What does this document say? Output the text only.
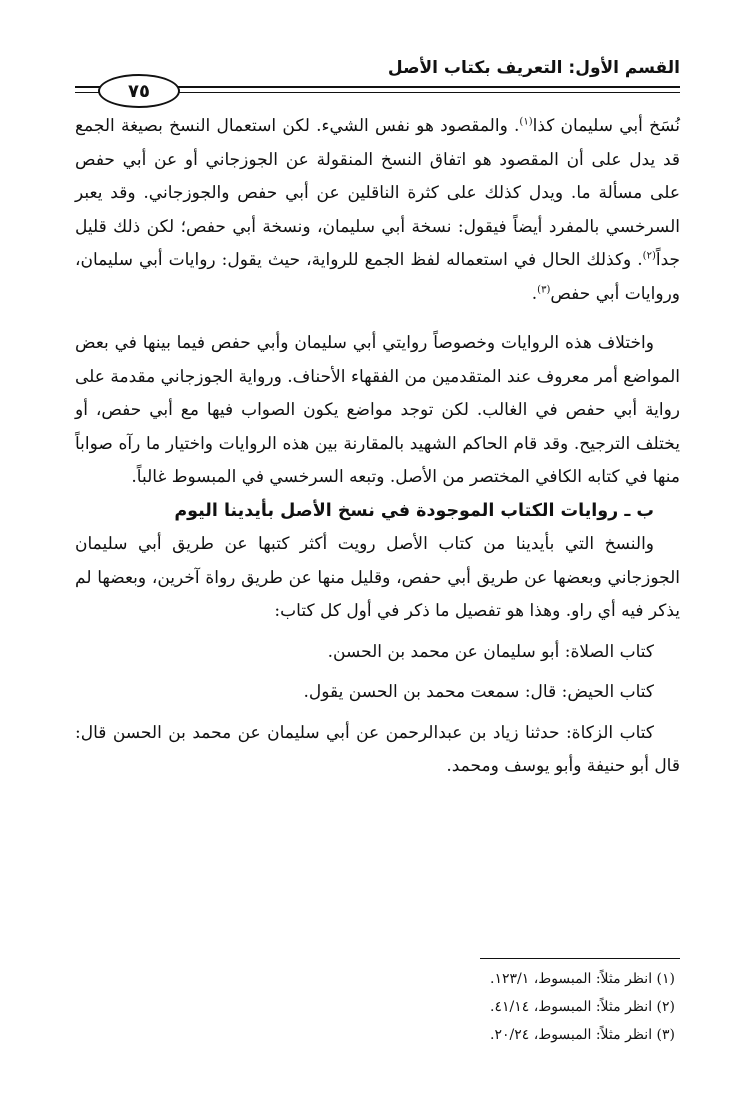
القسم الأول: التعريف بكتاب الأصل
٧٥

نُسَخ أبي سليمان كذا$^{(١)}$. والمقصود هو نفس الشيء. لكن استعمال النسخ بصيغة الجمع قد يدل على أن المقصود هو اتفاق النسخ المنقولة عن الجوزجاني أو عن أبي حفص على مسألة ما. ويدل كذلك على كثرة الناقلين عن أبي حفص والجوزجاني. وقد يعبر السرخسي بالمفرد أيضاً فيقول: نسخة أبي سليمان، ونسخة أبي حفص؛ لكن ذلك قليل جداً$^{(٢)}$. وكذلك الحال في استعماله لفظ الجمع للرواية، حيث يقول: روايات أبي سليمان، وروايات أبي حفص$^{(٣)}$.

واختلاف هذه الروايات وخصوصاً روايتي أبي سليمان وأبي حفص فيما بينها في بعض المواضع أمر معروف عند المتقدمين من الفقهاء الأحناف. ورواية الجوزجاني مقدمة على رواية أبي حفص في الغالب. لكن توجد مواضع يكون الصواب فيها مع أبي حفص، أو يختلف الترجيح. وقد قام الحاكم الشهيد بالمقارنة بين هذه الروايات واختيار ما رآه صواباً منها في كتابه الكافي المختصر من الأصل. وتبعه السرخسي في المبسوط غالباً.

ب ـ روايات الكتاب الموجودة في نسخ الأصل بأيدينا اليوم

والنسخ التي بأيدينا من كتاب الأصل رويت أكثر كتبها عن طريق أبي سليمان الجوزجاني وبعضها عن طريق أبي حفص، وقليل منها عن طريق رواة آخرين، وبعضها لم يذكر فيه أي راو. وهذا هو تفصيل ما ذكر في أول كل كتاب:

كتاب الصلاة: أبو سليمان عن محمد بن الحسن.

كتاب الحيض: قال: سمعت محمد بن الحسن يقول.

كتاب الزكاة: حدثنا زياد بن عبدالرحمن عن أبي سليمان عن محمد بن الحسن قال: قال أبو حنيفة وأبو يوسف ومحمد.

(١) انظر مثلاً: المبسوط، ١٢٣/١.
(٢) انظر مثلاً: المبسوط، ٤١/١٤.
(٣) انظر مثلاً: المبسوط، ٢٠/٢٤.
